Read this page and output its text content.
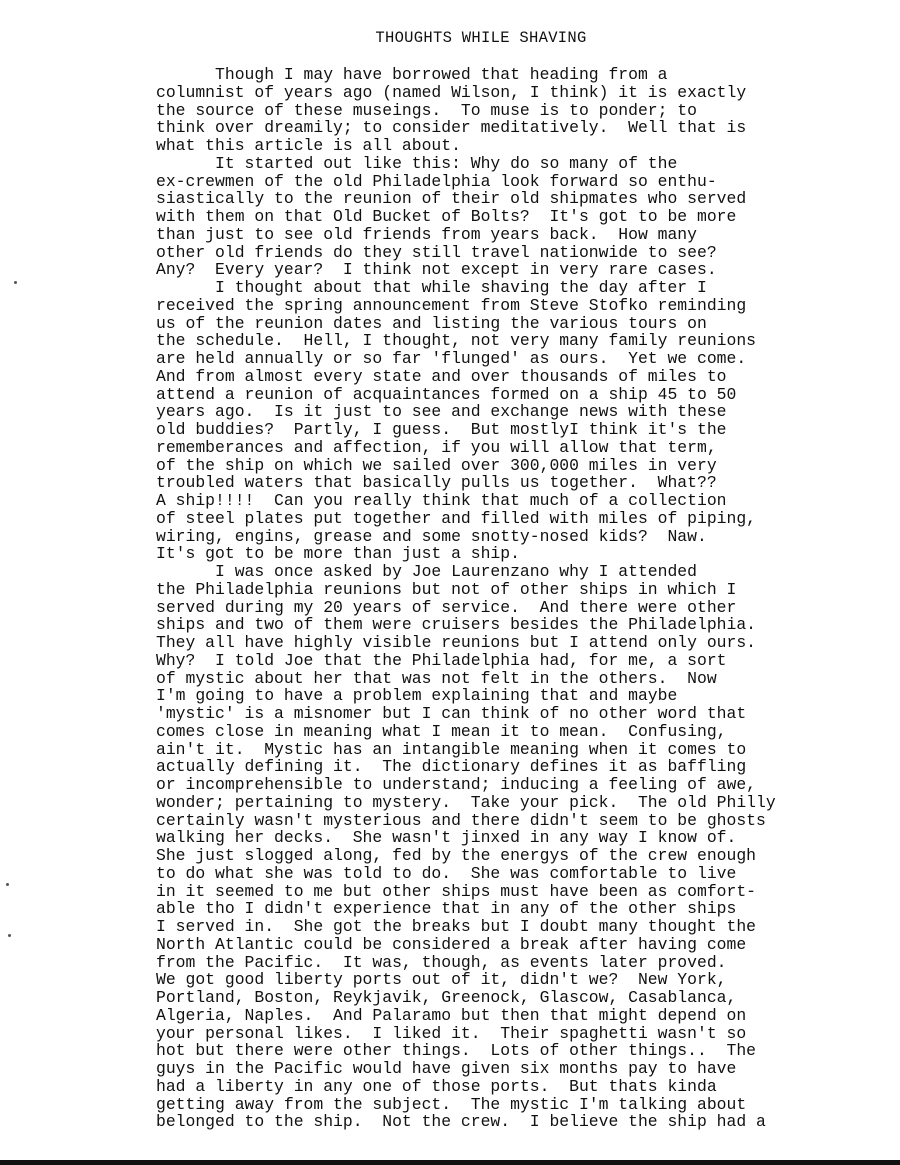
THOUGHTS WHILE SHAVING
Though I may have borrowed that heading from a
columnist of years ago (named Wilson, I think) it is exactly
the source of these museings.  To muse is to ponder; to
think over dreamily; to consider meditatively.  Well that is
what this article is all about.
It started out like this: Why do so many of the
ex-crewmen of the old Philadelphia look forward so enthu-
siastically to the reunion of their old shipmates who served
with them on that Old Bucket of Bolts?  It's got to be more
than just to see old friends from years back.  How many
other old friends do they still travel nationwide to see?
Any?  Every year?  I think not except in very rare cases.
I thought about that while shaving the day after I
received the spring announcement from Steve Stofko reminding
us of the reunion dates and listing the various tours on
the schedule.  Hell, I thought, not very many family reunions
are held annually or so far 'flunged' as ours.  Yet we come.
And from almost every state and over thousands of miles to
attend a reunion of acquaintances formed on a ship 45 to 50
years ago.  Is it just to see and exchange news with these
old buddies?  Partly, I guess.  But mostlyI think it's the
rememberances and affection, if you will allow that term,
of the ship on which we sailed over 300,000 miles in very
troubled waters that basically pulls us together.  What??
A ship!!!!  Can you really think that much of a collection
of steel plates put together and filled with miles of piping,
wiring, engins, grease and some snotty-nosed kids?  Naw.
It's got to be more than just a ship.
I was once asked by Joe Laurenzano why I attended
the Philadelphia reunions but not of other ships in which I
served during my 20 years of service.  And there were other
ships and two of them were cruisers besides the Philadelphia.
They all have highly visible reunions but I attend only ours.
Why?  I told Joe that the Philadelphia had, for me, a sort
of mystic about her that was not felt in the others.  Now
I'm going to have a problem explaining that and maybe
'mystic' is a misnomer but I can think of no other word that
comes close in meaning what I mean it to mean.  Confusing,
ain't it.  Mystic has an intangible meaning when it comes to
actually defining it.  The dictionary defines it as baffling
or incomprehensible to understand; inducing a feeling of awe,
wonder; pertaining to mystery.  Take your pick.  The old Philly
certainly wasn't mysterious and there didn't seem to be ghosts
walking her decks.  She wasn't jinxed in any way I know of.
She just slogged along, fed by the energys of the crew enough
to do what she was told to do.  She was comfortable to live
in it seemed to me but other ships must have been as comfort-
able tho I didn't experience that in any of the other ships
I served in.  She got the breaks but I doubt many thought the
North Atlantic could be considered a break after having come
from the Pacific.  It was, though, as events later proved.
We got good liberty ports out of it, didn't we?  New York,
Portland, Boston, Reykjavik, Greenock, Glascow, Casablanca,
Algeria, Naples.  And Palaramo but then that might depend on
your personal likes.  I liked it.  Their spaghetti wasn't so
hot but there were other things.  Lots of other things..  The
guys in the Pacific would have given six months pay to have
had a liberty in any one of those ports.  But thats kinda
getting away from the subject.  The mystic I'm talking about
belonged to the ship.  Not the crew.  I believe the ship had a
